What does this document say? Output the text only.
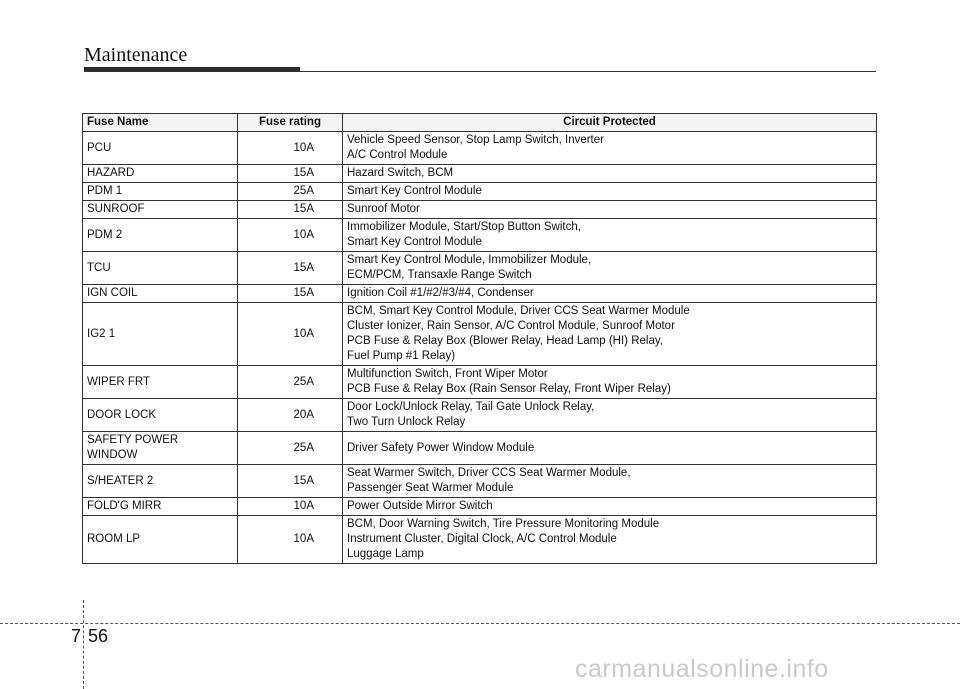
Maintenance
Fuse Name	Fuse rating	Circuit Protected
PCU	10A	Vehicle Speed Sensor, Stop Lamp Switch, Inverter
A/C Control Module
HAZARD	15A	Hazard Switch, BCM
PDM 1	25A	Smart Key Control Module
SUNROOF	15A	Sunroof Motor
PDM 2	10A	Immobilizer Module, Start/Stop Button Switch,
Smart Key Control Module
TCU	15A	Smart Key Control Module, Immobilizer Module,
ECM/PCM, Transaxle Range Switch
IGN COIL	15A	Ignition Coil #1/#2/#3/#4, Condenser
IG2 1	10A	BCM, Smart Key Control Module, Driver CCS Seat Warmer Module
Cluster Ionizer, Rain Sensor, A/C Control Module, Sunroof Motor
PCB Fuse & Relay Box (Blower Relay, Head Lamp (HI) Relay,
Fuel Pump #1 Relay)
WIPER FRT	25A	Multifunction Switch, Front Wiper Motor
PCB Fuse & Relay Box (Rain Sensor Relay, Front Wiper Relay)
DOOR LOCK	20A	Door Lock/Unlock Relay, Tail Gate Unlock Relay,
Two Turn Unlock Relay
SAFETY POWER
WINDOW	25A	Driver Safety Power Window Module
S/HEATER 2	15A	Seat Warmer Switch, Driver CCS Seat Warmer Module,
Passenger Seat Warmer Module
FOLD'G MIRR	10A	Power Outside Mirror Switch
ROOM LP	10A	BCM, Door Warning Switch, Tire Pressure Monitoring Module
Instrument Cluster, Digital Clock, A/C Control Module
Luggage Lamp
7 56
carmanualsonline.info
